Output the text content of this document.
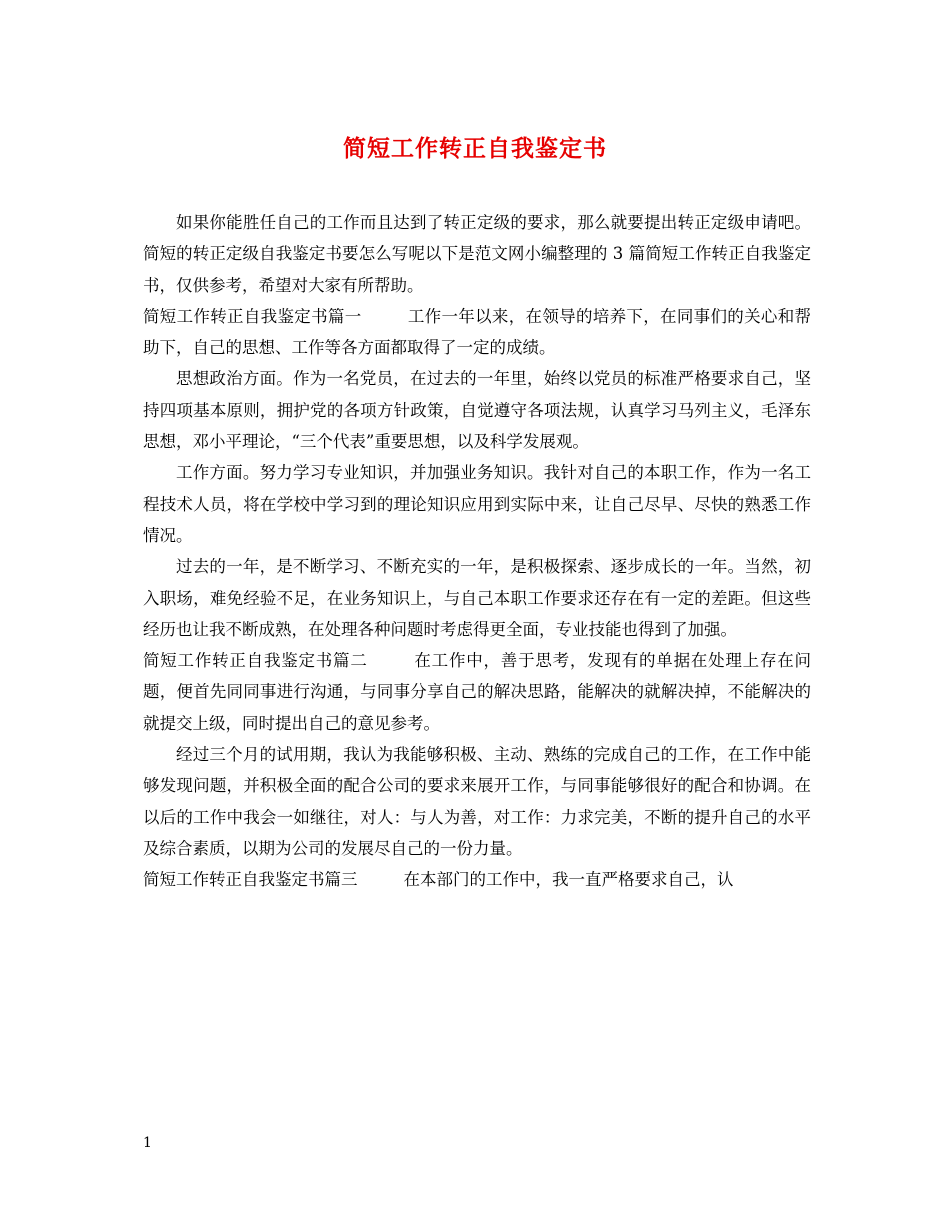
简短工作转正自我鉴定书

如果你能胜任自己的工作而且达到了转正定级的要求，那么就要提出转正定级申请吧。简短的转正定级自我鉴定书要怎么写呢以下是范文网小编整理的 3 篇简短工作转正自我鉴定书，仅供参考，希望对大家有所帮助。

简短工作转正自我鉴定书篇一	工作一年以来，在领导的培养下，在同事们的关心和帮助下，自己的思想、工作等各方面都取得了一定的成绩。

思想政治方面。作为一名党员，在过去的一年里，始终以党员的标准严格要求自己，坚持四项基本原则，拥护党的各项方针政策，自觉遵守各项法规，认真学习马列主义，毛泽东思想，邓小平理论，“三个代表”重要思想，以及科学发展观。

工作方面。努力学习专业知识，并加强业务知识。我针对自己的本职工作，作为一名工程技术人员，将在学校中学习到的理论知识应用到实际中来，让自己尽早、尽快的熟悉工作情况。

过去的一年，是不断学习、不断充实的一年，是积极探索、逐步成长的一年。当然，初入职场，难免经验不足，在业务知识上，与自己本职工作要求还存在有一定的差距。但这些经历也让我不断成熟，在处理各种问题时考虑得更全面，专业技能也得到了加强。

简短工作转正自我鉴定书篇二	在工作中，善于思考，发现有的单据在处理上存在问题，便首先同同事进行沟通，与同事分享自己的解决思路，能解决的就解决掉，不能解决的就提交上级，同时提出自己的意见参考。

经过三个月的试用期，我认为我能够积极、主动、熟练的完成自己的工作，在工作中能够发现问题，并积极全面的配合公司的要求来展开工作，与同事能够很好的配合和协调。在以后的工作中我会一如继往，对人：与人为善，对工作：力求完美，不断的提升自己的水平及综合素质，以期为公司的发展尽自己的一份力量。

简短工作转正自我鉴定书篇三	在本部门的工作中，我一直严格要求自己，认

1
